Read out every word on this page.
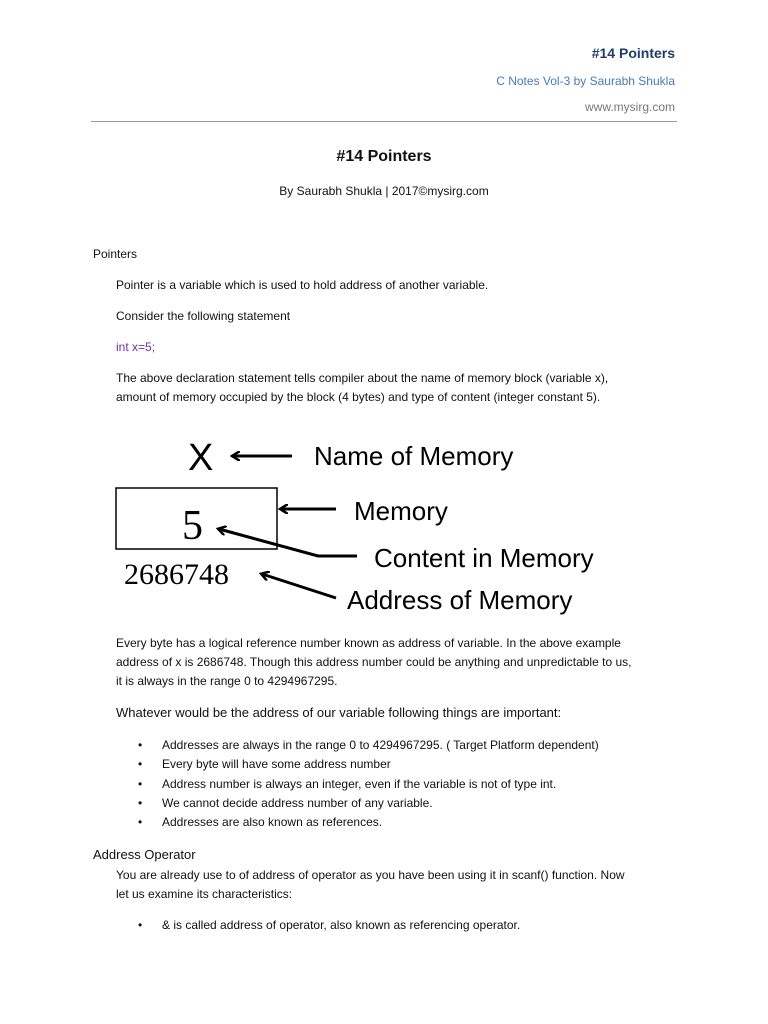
#14 Pointers
C Notes Vol-3 by Saurabh Shukla
www.mysirg.com
#14 Pointers
By Saurabh Shukla | 2017©mysirg.com
Pointers
Pointer is a variable which is used to hold address of another variable.
Consider the following statement
int x=5;
The above declaration statement tells compiler about the name of memory block (variable x),
amount of memory occupied by the block (4 bytes) and type of content (integer constant 5).
X
5
2686748
Name of Memory
Memory
Content in Memory
Address of Memory
Every byte has a logical reference number known as address of variable. In the above example
address of x is 2686748. Though this address number could be anything and unpredictable to us,
it is always in the range 0 to 4294967295.
Whatever would be the address of our variable following things are important:
• Addresses are always in the range 0 to 4294967295. ( Target Platform dependent)
• Every byte will have some address number
• Address number is always an integer, even if the variable is not of type int.
• We cannot decide address number of any variable.
• Addresses are also known as references.
Address Operator
You are already use to of address of operator as you have been using it in scanf() function. Now
let us examine its characteristics:
• & is called address of operator, also known as referencing operator.
